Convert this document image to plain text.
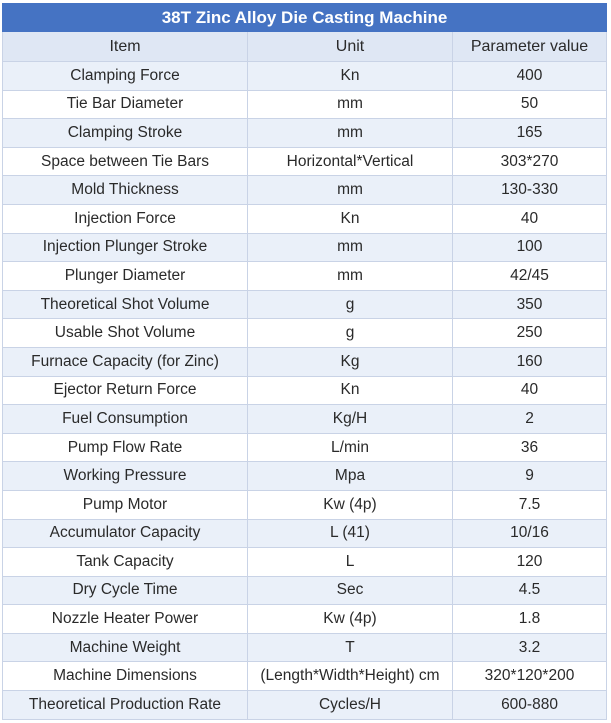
38T Zinc Alloy Die Casting Machine		
Item	Unit	Parameter value
Clamping Force	Kn	400
Tie Bar Diameter	mm	50
Clamping Stroke	mm	165
Space between Tie Bars	Horizontal*Vertical	303*270
Mold Thickness	mm	130-330
Injection Force	Kn	40
Injection Plunger Stroke	mm	100
Plunger Diameter	mm	42/45
Theoretical Shot Volume	g	350
Usable Shot Volume	g	250
Furnace Capacity (for Zinc)	Kg	160
Ejector Return Force	Kn	40
Fuel Consumption	Kg/H	2
Pump Flow Rate	L/min	36
Working Pressure	Mpa	9
Pump Motor	Kw (4p)	7.5
Accumulator Capacity	L (41)	10/16
Tank Capacity	L	120
Dry Cycle Time	Sec	4.5
Nozzle Heater Power	Kw (4p)	1.8
Machine Weight	T	3.2
Machine Dimensions	(Length*Width*Height) cm	320*120*200
Theoretical Production Rate	Cycles/H	600-880
